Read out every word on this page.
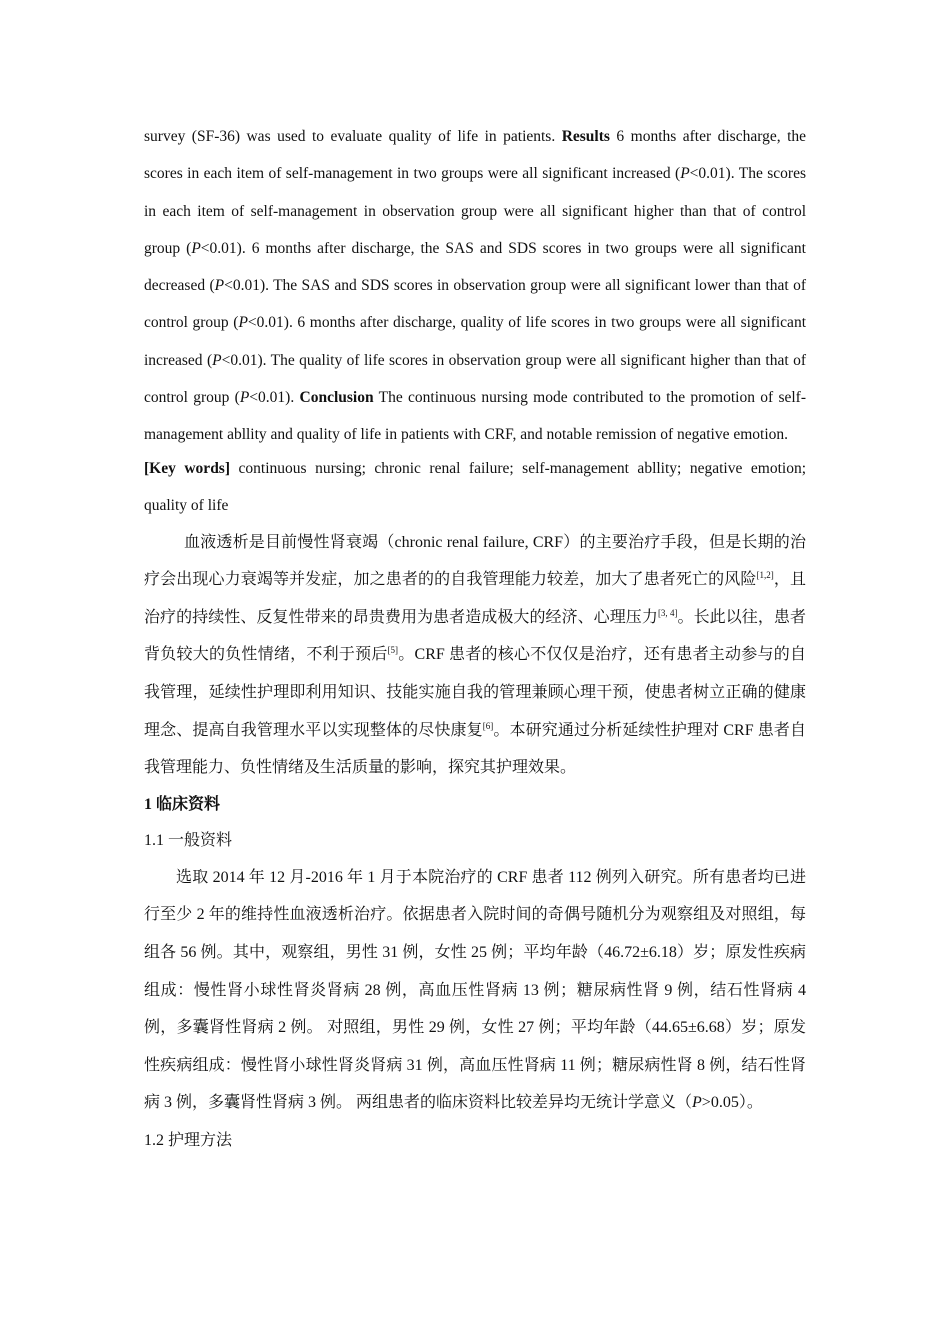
survey (SF-36) was used to evaluate quality of life in patients. Results 6 months after discharge, the scores in each item of self-management in two groups were all significant increased (P<0.01). The scores in each item of self-management in observation group were all significant higher than that of control group (P<0.01). 6 months after discharge, the SAS and SDS scores in two groups were all significant decreased (P<0.01). The SAS and SDS scores in observation group were all significant lower than that of control group (P<0.01). 6 months after discharge, quality of life scores in two groups were all significant increased (P<0.01). The quality of life scores in observation group were all significant higher than that of control group (P<0.01). Conclusion The continuous nursing mode contributed to the promotion of self-management abllity and quality of life in patients with CRF, and notable remission of negative emotion.

[Key words] continuous nursing; chronic renal failure; self-management abllity; negative emotion; quality of life

血液透析是目前慢性肾衰竭（chronic renal failure, CRF）的主要治疗手段，但是长期的治疗会出现心力衰竭等并发症，加之患者的的自我管理能力较差，加大了患者死亡的风险[1,2]，且治疗的持续性、反复性带来的昂贵费用为患者造成极大的经济、心理压力[3, 4]。长此以往，患者背负较大的负性情绪，不利于预后[5]。CRF 患者的核心不仅仅是治疗，还有患者主动参与的自我管理，延续性护理即利用知识、技能实施自我的管理兼顾心理干预，使患者树立正确的健康理念、提高自我管理水平以实现整体的尽快康复[6]。本研究通过分析延续性护理对 CRF 患者自我管理能力、负性情绪及生活质量的影响，探究其护理效果。

1 临床资料

1.1 一般资料

选取 2014 年 12 月-2016 年 1 月于本院治疗的 CRF 患者 112 例列入研究。所有患者均已进行至少 2 年的维持性血液透析治疗。依据患者入院时间的奇偶号随机分为观察组及对照组，每组各 56 例。其中，观察组，男性 31 例，女性 25 例；平均年龄（46.72±6.18）岁；原发性疾病组成：慢性肾小球性肾炎肾病 28 例，高血压性肾病 13 例；糖尿病性肾 9 例，结石性肾病 4 例，多囊肾性肾病 2 例。 对照组，男性 29 例，女性 27 例；平均年龄（44.65±6.68）岁；原发性疾病组成：慢性肾小球性肾炎肾病 31 例，高血压性肾病 11 例；糖尿病性肾 8 例，结石性肾病 3 例，多囊肾性肾病 3 例。 两组患者的临床资料比较差异均无统计学意义（P>0.05）。

1.2 护理方法
